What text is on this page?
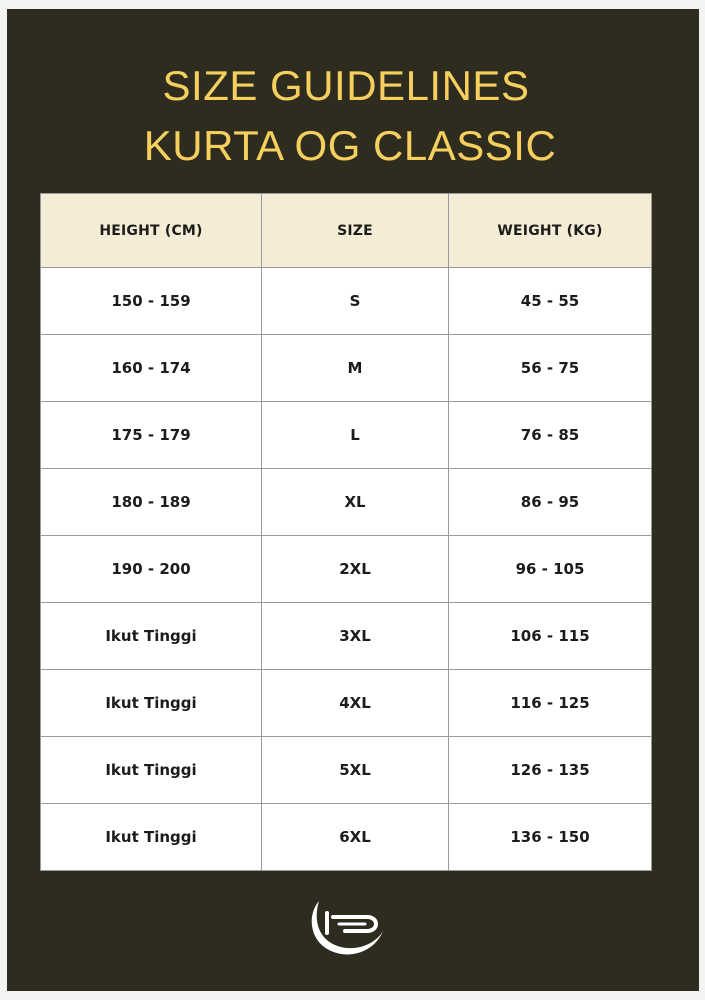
SIZE GUIDELINES
KURTA OG CLASSIC
HEIGHT (CM)	SIZE	WEIGHT (KG)
150 - 159	S	45 - 55
160 - 174	M	56 - 75
175 - 179	L	76 - 85
180 - 189	XL	86 - 95
190 - 200	2XL	96 - 105
Ikut Tinggi	3XL	106 - 115
Ikut Tinggi	4XL	116 - 125
Ikut Tinggi	5XL	126 - 135
Ikut Tinggi	6XL	136 - 150
